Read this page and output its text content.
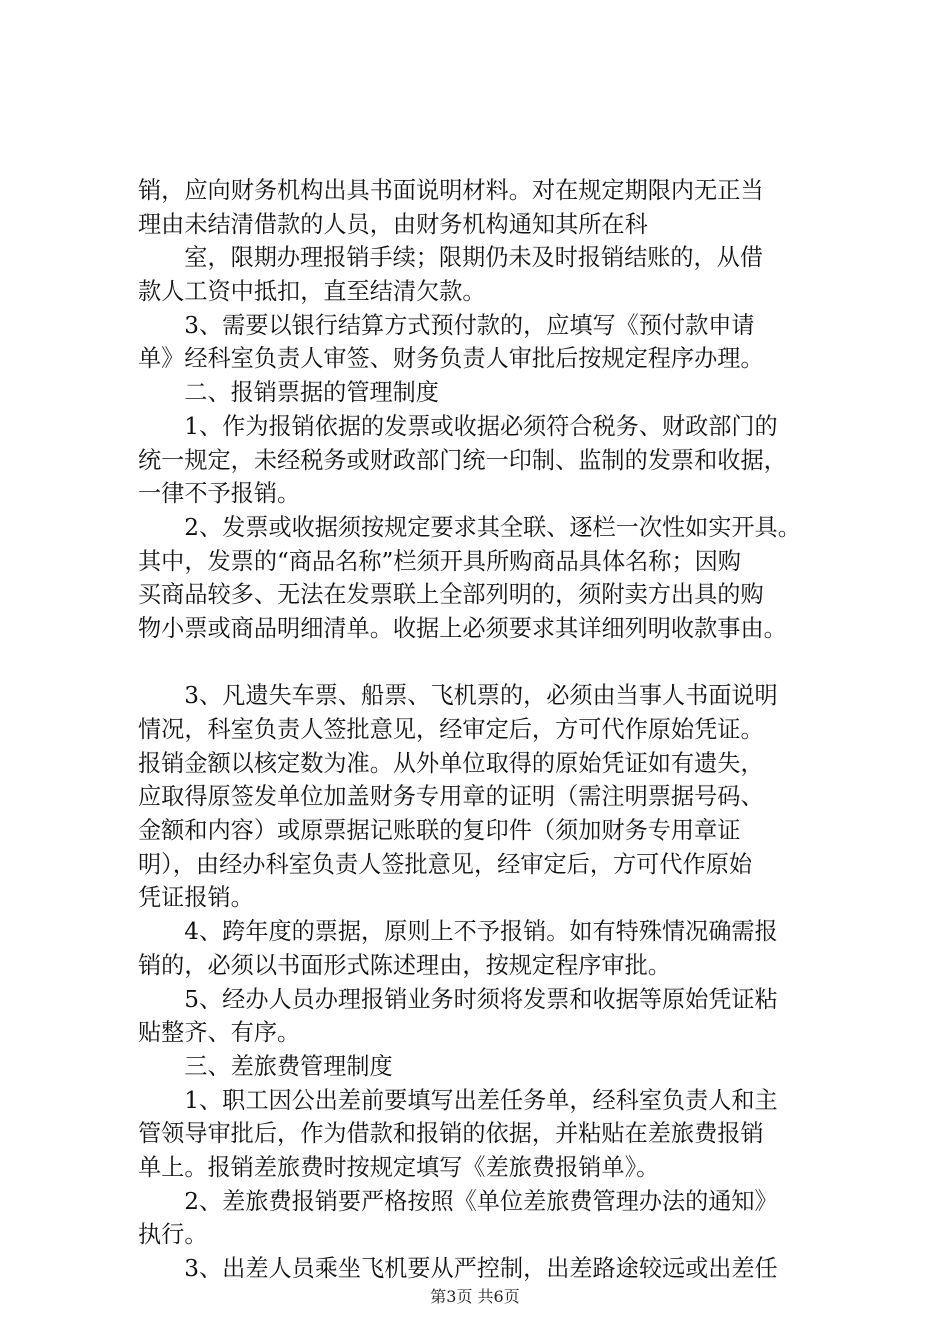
销，应向财务机构出具书面说明材料。对在规定期限内无正当
理由未结清借款的人员，由财务机构通知其所在科
室，限期办理报销手续；限期仍未及时报销结账的，从借
款人工资中抵扣，直至结清欠款。
3、需要以银行结算方式预付款的，应填写《预付款申请
单》经科室负责人审签、财务负责人审批后按规定程序办理。
二、报销票据的管理制度
1、作为报销依据的发票或收据必须符合税务、财政部门的
统一规定，未经税务或财政部门统一印制、监制的发票和收据，
一律不予报销。
2、发票或收据须按规定要求其全联、逐栏一次性如实开具。
其中，发票的“商品名称”栏须开具所购商品具体名称；因购
买商品较多、无法在发票联上全部列明的，须附卖方出具的购
物小票或商品明细清单。收据上必须要求其详细列明收款事由。
3、凡遗失车票、船票、飞机票的，必须由当事人书面说明
情况，科室负责人签批意见，经审定后，方可代作原始凭证。
报销金额以核定数为准。从外单位取得的原始凭证如有遗失，
应取得原签发单位加盖财务专用章的证明（需注明票据号码、
金额和内容）或原票据记账联的复印件（须加财务专用章证
明），由经办科室负责人签批意见，经审定后，方可代作原始
凭证报销。
4、跨年度的票据，原则上不予报销。如有特殊情况确需报
销的，必须以书面形式陈述理由，按规定程序审批。
5、经办人员办理报销业务时须将发票和收据等原始凭证粘
贴整齐、有序。
三、差旅费管理制度
1、职工因公出差前要填写出差任务单，经科室负责人和主
管领导审批后，作为借款和报销的依据，并粘贴在差旅费报销
单上。报销差旅费时按规定填写《差旅费报销单》。
2、差旅费报销要严格按照《单位差旅费管理办法的通知》
执行。
3、出差人员乘坐飞机要从严控制，出差路途较远或出差任
第3页 共6页
